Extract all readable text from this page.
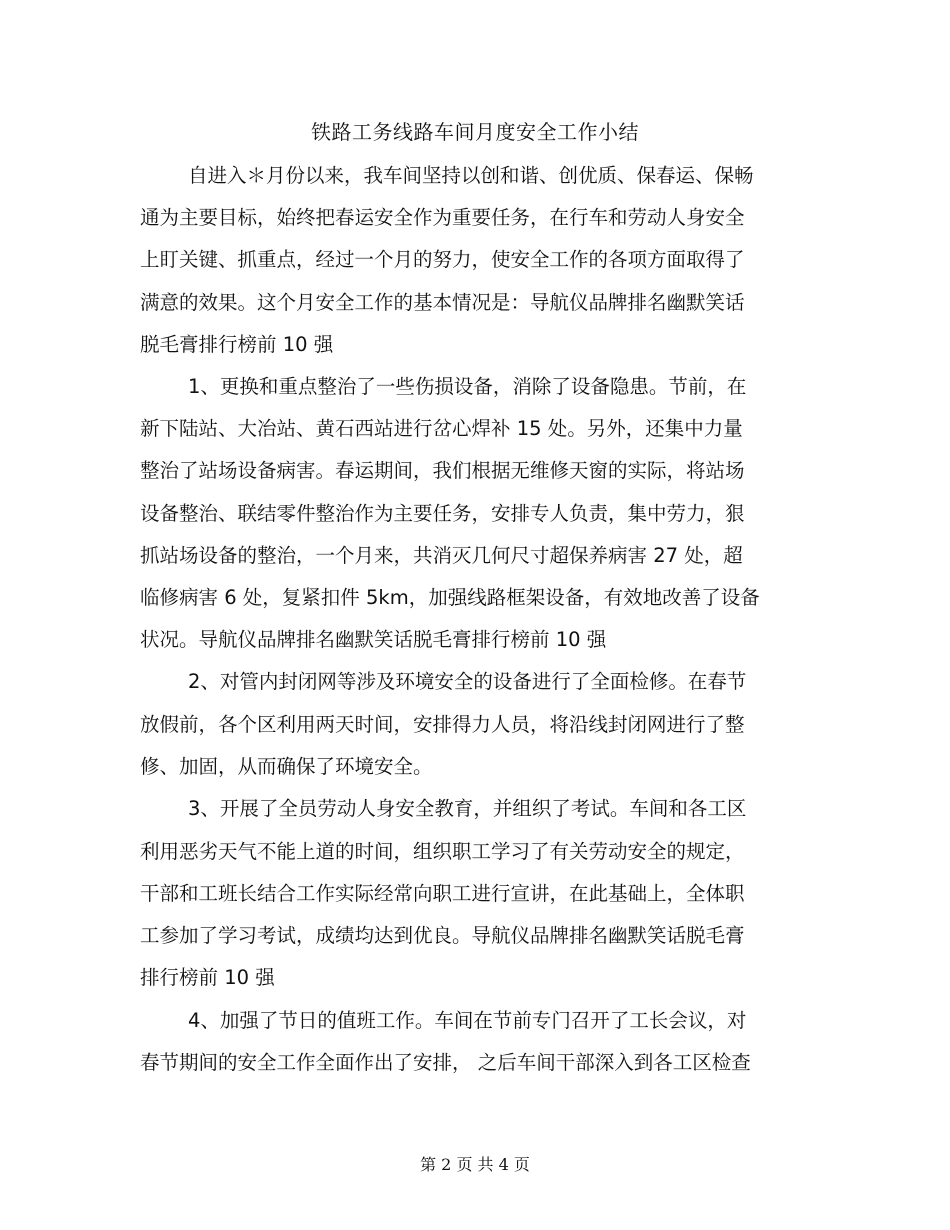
铁路工务线路车间月度安全工作小结
自进入＊月份以来，我车间坚持以创和谐、创优质、保春运、保畅
通为主要目标，始终把春运安全作为重要任务，在行车和劳动人身安全
上盯关键、抓重点，经过一个月的努力，使安全工作的各项方面取得了
满意的效果。这个月安全工作的基本情况是：导航仪品牌排名幽默笑话
脱毛膏排行榜前 10 强
1、更换和重点整治了一些伤损设备，消除了设备隐患。节前，在
新下陆站、大冶站、黄石西站进行岔心焊补 15 处。另外，还集中力量
整治了站场设备病害。春运期间，我们根据无维修天窗的实际，将站场
设备整治、联结零件整治作为主要任务，安排专人负责，集中劳力，狠
抓站场设备的整治，一个月来，共消灭几何尺寸超保养病害 27 处，超
临修病害 6 处，复紧扣件 5km，加强线路框架设备，有效地改善了设备
状况。导航仪品牌排名幽默笑话脱毛膏排行榜前 10 强
2、对管内封闭网等涉及环境安全的设备进行了全面检修。在春节
放假前，各个区利用两天时间，安排得力人员，将沿线封闭网进行了整
修、加固，从而确保了环境安全。
3、开展了全员劳动人身安全教育，并组织了考试。车间和各工区
利用恶劣天气不能上道的时间，组织职工学习了有关劳动安全的规定，
干部和工班长结合工作实际经常向职工进行宣讲，在此基础上，全体职
工参加了学习考试，成绩均达到优良。导航仪品牌排名幽默笑话脱毛膏
排行榜前 10 强
4、加强了节日的值班工作。车间在节前专门召开了工长会议，对
春节期间的安全工作全面作出了安排， 之后车间干部深入到各工区检查
第 2 页 共 4 页
